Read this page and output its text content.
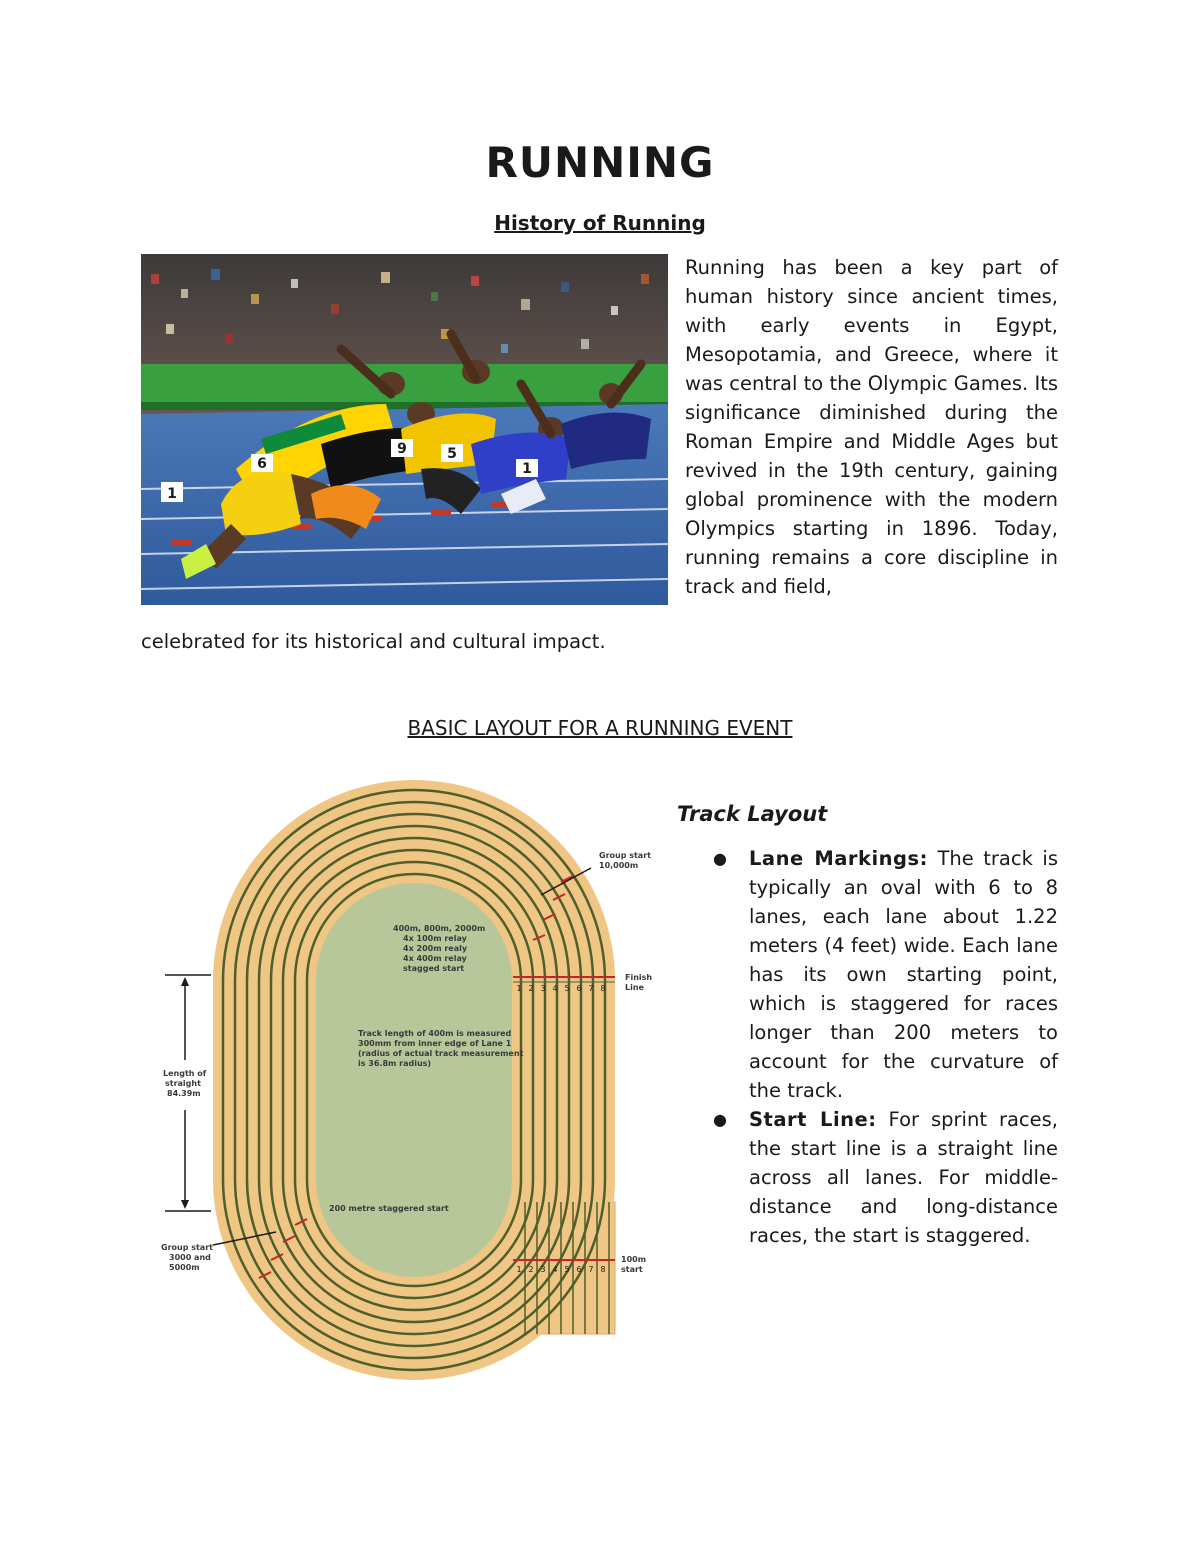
RUNNING
History of Running
6
9
1
5
1

Running has been a key part of human history since ancient times, with early events in Egypt, Mesopotamia, and Greece, where it was central to the Olympic Games. Its significance diminished during the Roman Empire and Middle Ages but revived in the 19th century, gaining global prominence with the modern Olympics starting in 1896. Today, running remains a core discipline in track and field,

celebrated for its historical and cultural impact.

BASIC LAYOUT FOR A RUNNING EVENT
Group start
10,000m
400m, 800m, 2000m
4x 100m relay
4x 200m realy
4x 400m relay
stagged start
Track length of 400m is measured
300mm from inner edge of Lane 1
(radius of actual track measurement
is 36.8m radius)
Finish
Line
Length of
straight
84.39m
200 metre staggered start
Group start
3000 and
5000m
100m
start
1 2 3 4 5 6 7 8
1 2 3 4 5 6 7 8
Track Layout
● Lane Markings: The track is typically an oval with 6 to 8 lanes, each lane about 1.22 meters (4 feet) wide. Each lane has its own starting point, which is staggered for races longer than 200 meters to account for the curvature of the track.
● Start Line: For sprint races, the start line is a straight line across all lanes. For middle-distance and long-distance races, the start is staggered.
